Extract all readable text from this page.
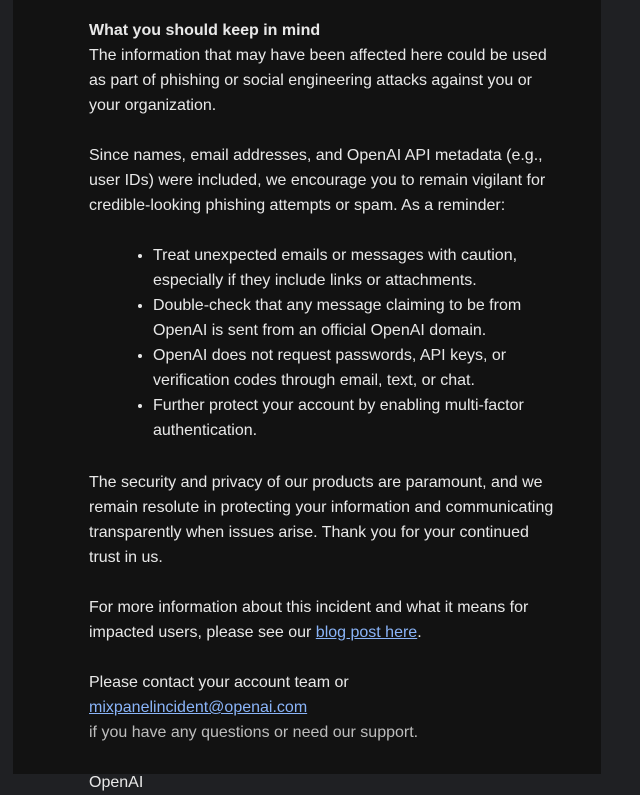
What you should keep in mind
The information that may have been affected here could be used as part of phishing or social engineering attacks against you or your organization.

Since names, email addresses, and OpenAI API metadata (e.g., user IDs) were included, we encourage you to remain vigilant for credible-looking phishing attempts or spam. As a reminder:

• Treat unexpected emails or messages with caution, especially if they include links or attachments.
• Double-check that any message claiming to be from OpenAI is sent from an official OpenAI domain.
• OpenAI does not request passwords, API keys, or verification codes through email, text, or chat.
• Further protect your account by enabling multi-factor authentication.

The security and privacy of our products are paramount, and we remain resolute in protecting your information and communicating transparently when issues arise. Thank you for your continued trust in us.

For more information about this incident and what it means for impacted users, please see our blog post here.

Please contact your account team or mixpanelincident@openai.com
if you have any questions or need our support.

OpenAI
